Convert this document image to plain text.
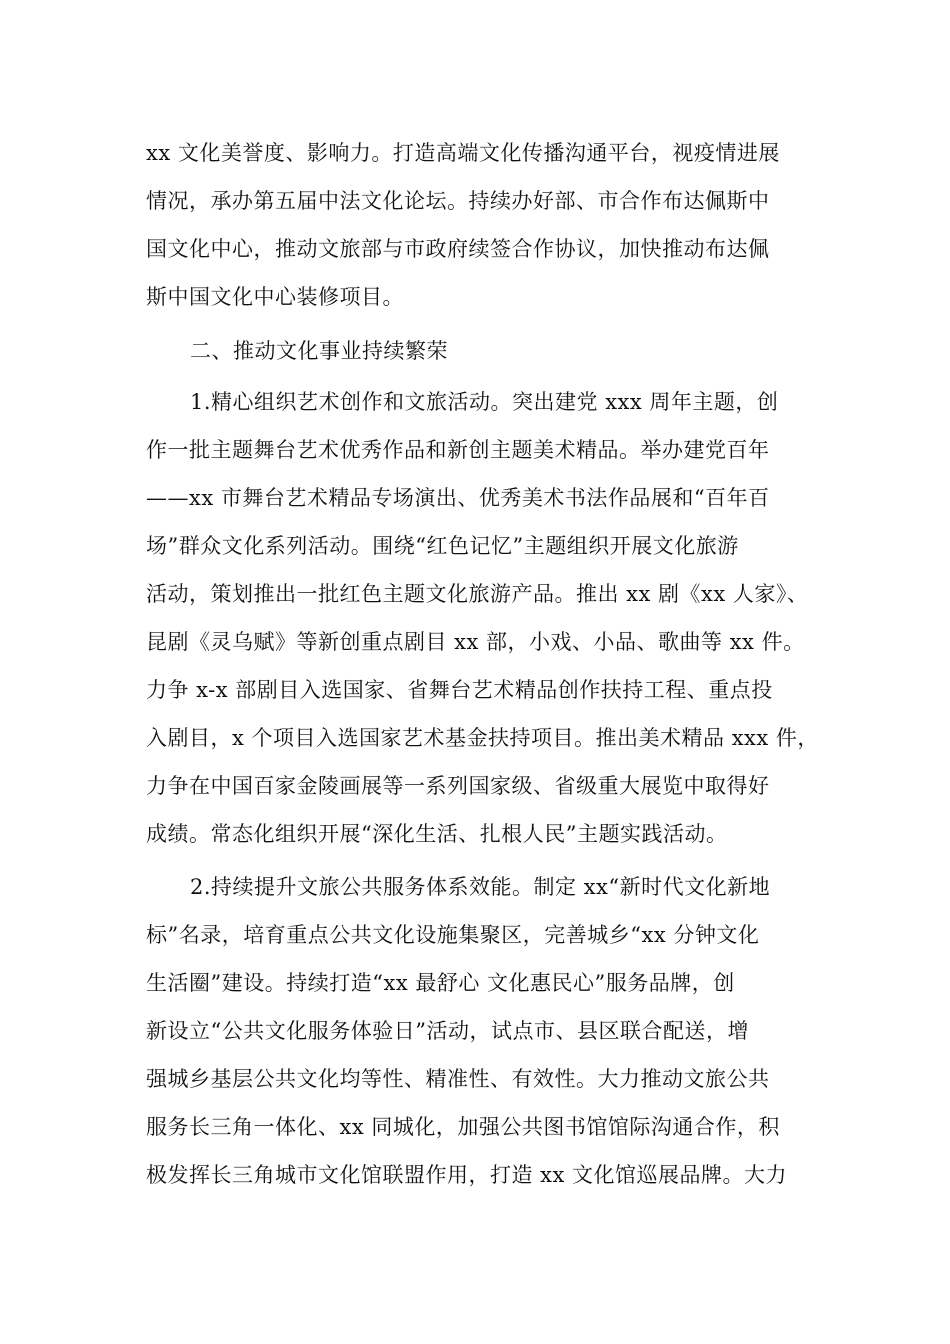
xx 文化美誉度、影响力。打造高端文化传播沟通平台，视疫情进展
情况，承办第五届中法文化论坛。持续办好部、市合作布达佩斯中
国文化中心，推动文旅部与市政府续签合作协议，加快推动布达佩
斯中国文化中心装修项目。
二、推动文化事业持续繁荣
1.精心组织艺术创作和文旅活动。突出建党 xxx 周年主题，创
作一批主题舞台艺术优秀作品和新创主题美术精品。举办建党百年
——xx 市舞台艺术精品专场演出、优秀美术书法作品展和“百年百
场”群众文化系列活动。围绕“红色记忆”主题组织开展文化旅游
活动，策划推出一批红色主题文化旅游产品。推出 xx 剧《xx 人家》、
昆剧《灵乌赋》等新创重点剧目 xx 部，小戏、小品、歌曲等 xx 件。
力争 x-x 部剧目入选国家、省舞台艺术精品创作扶持工程、重点投
入剧目，x 个项目入选国家艺术基金扶持项目。推出美术精品 xxx 件，
力争在中国百家金陵画展等一系列国家级、省级重大展览中取得好
成绩。常态化组织开展“深化生活、扎根人民”主题实践活动。
2.持续提升文旅公共服务体系效能。制定 xx“新时代文化新地
标”名录，培育重点公共文化设施集聚区，完善城乡“xx 分钟文化
生活圈”建设。持续打造“xx 最舒心 文化惠民心”服务品牌，创
新设立“公共文化服务体验日”活动，试点市、县区联合配送，增
强城乡基层公共文化均等性、精准性、有效性。大力推动文旅公共
服务长三角一体化、xx 同城化，加强公共图书馆馆际沟通合作，积
极发挥长三角城市文化馆联盟作用，打造 xx 文化馆巡展品牌。大力
